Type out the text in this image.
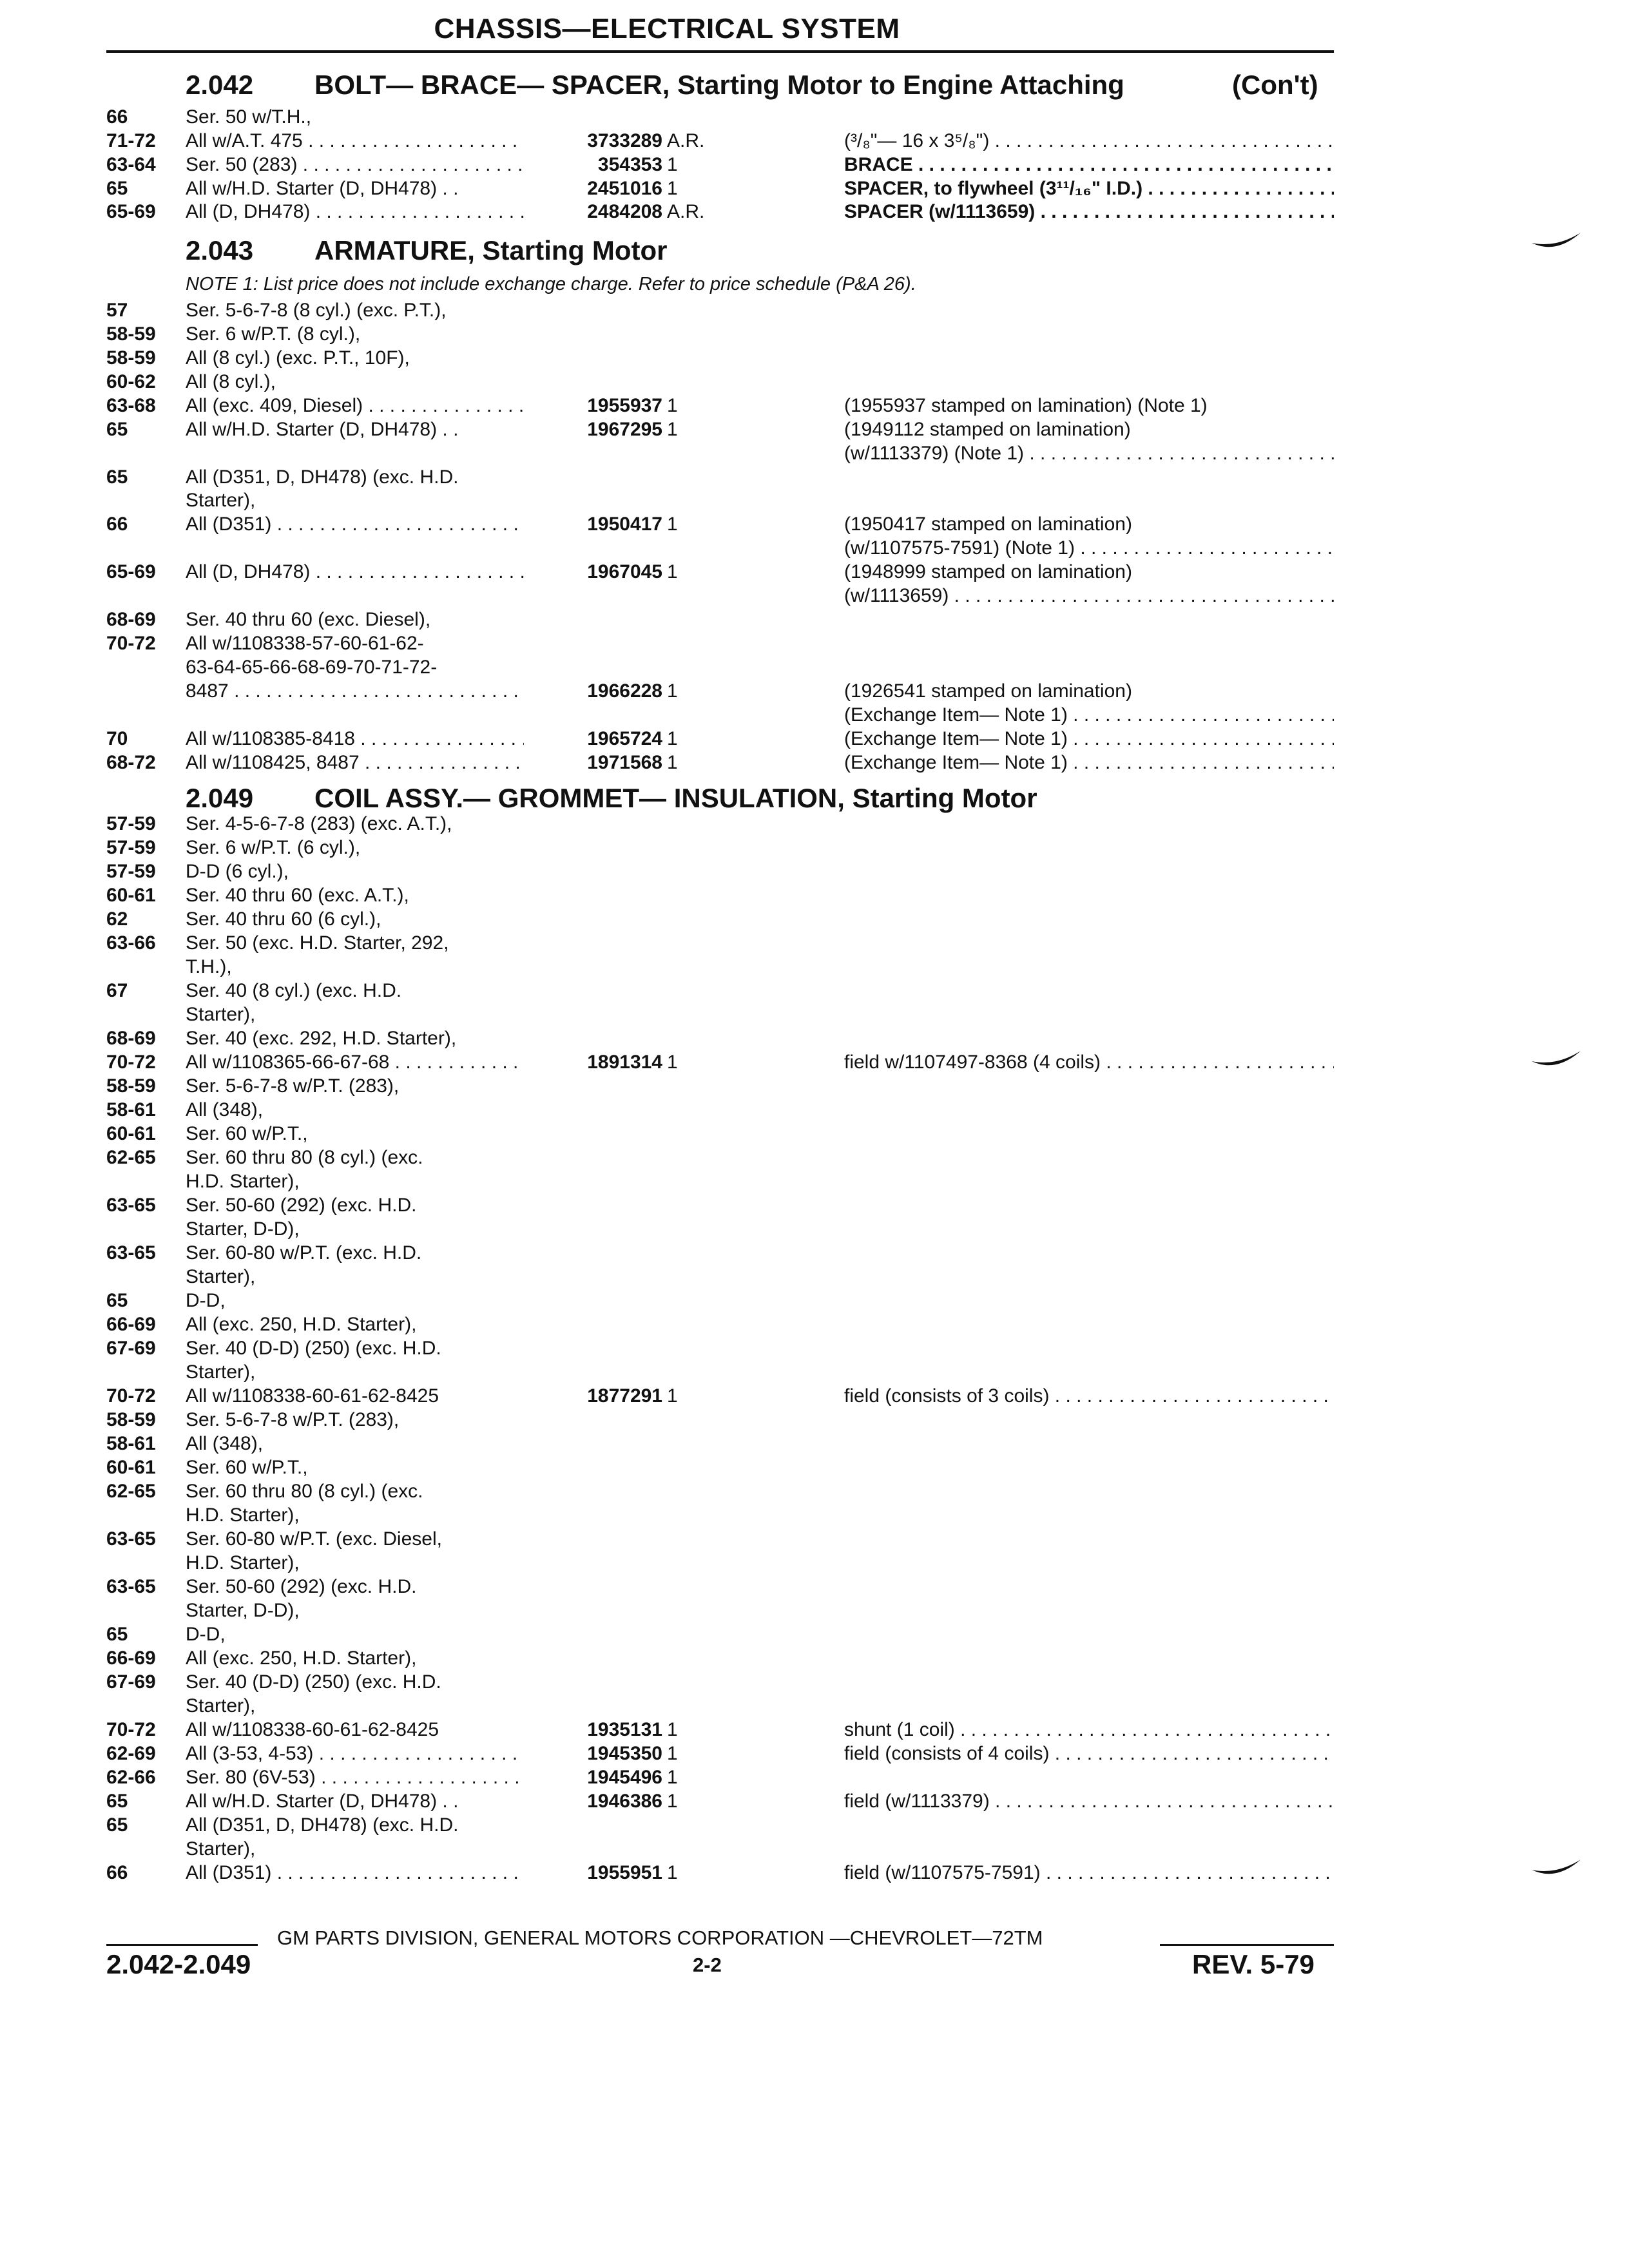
CHASSIS—ELECTRICAL SYSTEM
2.042 BOLT— BRACE— SPACER, Starting Motor to Engine Attaching	(Con't)
2.043 ARMATURE, Starting Motor
NOTE 1: List price does not include exchange charge. Refer to price schedule (P&A 26).
2.049 COIL ASSY.— GROMMET— INSULATION, Starting Motor
66	Ser. 50 w/T.H.,
71-72 All w/A.T. 475 . . .	3733289 A.R.	(³/₈"— 16 x 3⁵/₈") . . .
63-64 Ser. 50 (283) . . .	354353 1	BRACE . . .
65	All w/H.D. Starter (D, DH478) . .	2451016 1	SPACER, to flywheel (3¹¹/₁₆" I.D.) . . .
65-69 All (D, DH478) . . .	2484208 A.R.	SPACER (w/1113659) . . .
57	Ser. 5-6-7-8 (8 cyl.) (exc. P.T.),
58-59 Ser. 6 w/P.T. (8 cyl.),
58-59 All (8 cyl.) (exc. P.T., 10F),
60-62 All (8 cyl.),
63-68 All (exc. 409, Diesel) . . .	1955937 1	(1955937 stamped on lamination) (Note 1)
65	All w/H.D. Starter (D, DH478) . .	1967295 1	(1949112 stamped on lamination)
(w/1113379) (Note 1) . . .
65	All (D351, D, DH478) (exc. H.D.
Starter),
66	All (D351) . . .	1950417 1	(1950417 stamped on lamination)
(w/1107575-7591) (Note 1) . . .
65-69 All (D, DH478) . . .	1967045 1	(1948999 stamped on lamination)
(w/1113659) . . .
68-69 Ser. 40 thru 60 (exc. Diesel),
70-72 All w/1108338-57-60-61-62-
63-64-65-66-68-69-70-71-72-
8487 . . .	1966228 1	(1926541 stamped on lamination)
(Exchange Item— Note 1) . . .
70	All w/1108385-8418 . . .	1965724 1	(Exchange Item— Note 1) . . .
68-72 All w/1108425, 8487 . . .	1971568 1	(Exchange Item— Note 1) . . .
57-59 Ser. 4-5-6-7-8 (283) (exc. A.T.),
57-59 Ser. 6 w/P.T. (6 cyl.),
57-59 D-D (6 cyl.),
60-61 Ser. 40 thru 60 (exc. A.T.),
62	Ser. 40 thru 60 (6 cyl.),
63-66 Ser. 50 (exc. H.D. Starter, 292,
T.H.),
67	Ser. 40 (8 cyl.) (exc. H.D.
Starter),
68-69 Ser. 40 (exc. 292, H.D. Starter),
70-72 All w/1108365-66-67-68 . . .	1891314 1	field w/1107497-8368 (4 coils) . . .
58-59 Ser. 5-6-7-8 w/P.T. (283),
58-61 All (348),
60-61 Ser. 60 w/P.T.,
62-65 Ser. 60 thru 80 (8 cyl.) (exc.
H.D. Starter),
63-65 Ser. 50-60 (292) (exc. H.D.
Starter, D-D),
63-65 Ser. 60-80 w/P.T. (exc. H.D.
Starter),
65	D-D,
66-69 All (exc. 250, H.D. Starter),
67-69 Ser. 40 (D-D) (250) (exc. H.D.
Starter),
70-72 All w/1108338-60-61-62-8425	1877291 1	field (consists of 3 coils) . . .
58-59 Ser. 5-6-7-8 w/P.T. (283),
58-61 All (348),
60-61 Ser. 60 w/P.T.,
62-65 Ser. 60 thru 80 (8 cyl.) (exc.
H.D. Starter),
63-65 Ser. 60-80 w/P.T. (exc. Diesel,
H.D. Starter),
63-65 Ser. 50-60 (292) (exc. H.D.
Starter, D-D),
65	D-D,
66-69 All (exc. 250, H.D. Starter),
67-69 Ser. 40 (D-D) (250) (exc. H.D.
Starter),
70-72 All w/1108338-60-61-62-8425	1935131 1	shunt (1 coil) . . .
62-69 All (3-53, 4-53) . . .	1945350 1	field (consists of 4 coils) . . .
62-66 Ser. 80 (6V-53) . . .	1945496 1
65	All w/H.D. Starter (D, DH478) . .	1946386 1	field (w/1113379) . . .
65	All (D351, D, DH478) (exc. H.D.
Starter),
66	All (D351) . . .	1955951 1	field (w/1107575-7591) . . .
GM PARTS DIVISION, GENERAL MOTORS CORPORATION —CHEVROLET—72TM
2.042-2.049	2-2	REV. 5-79
